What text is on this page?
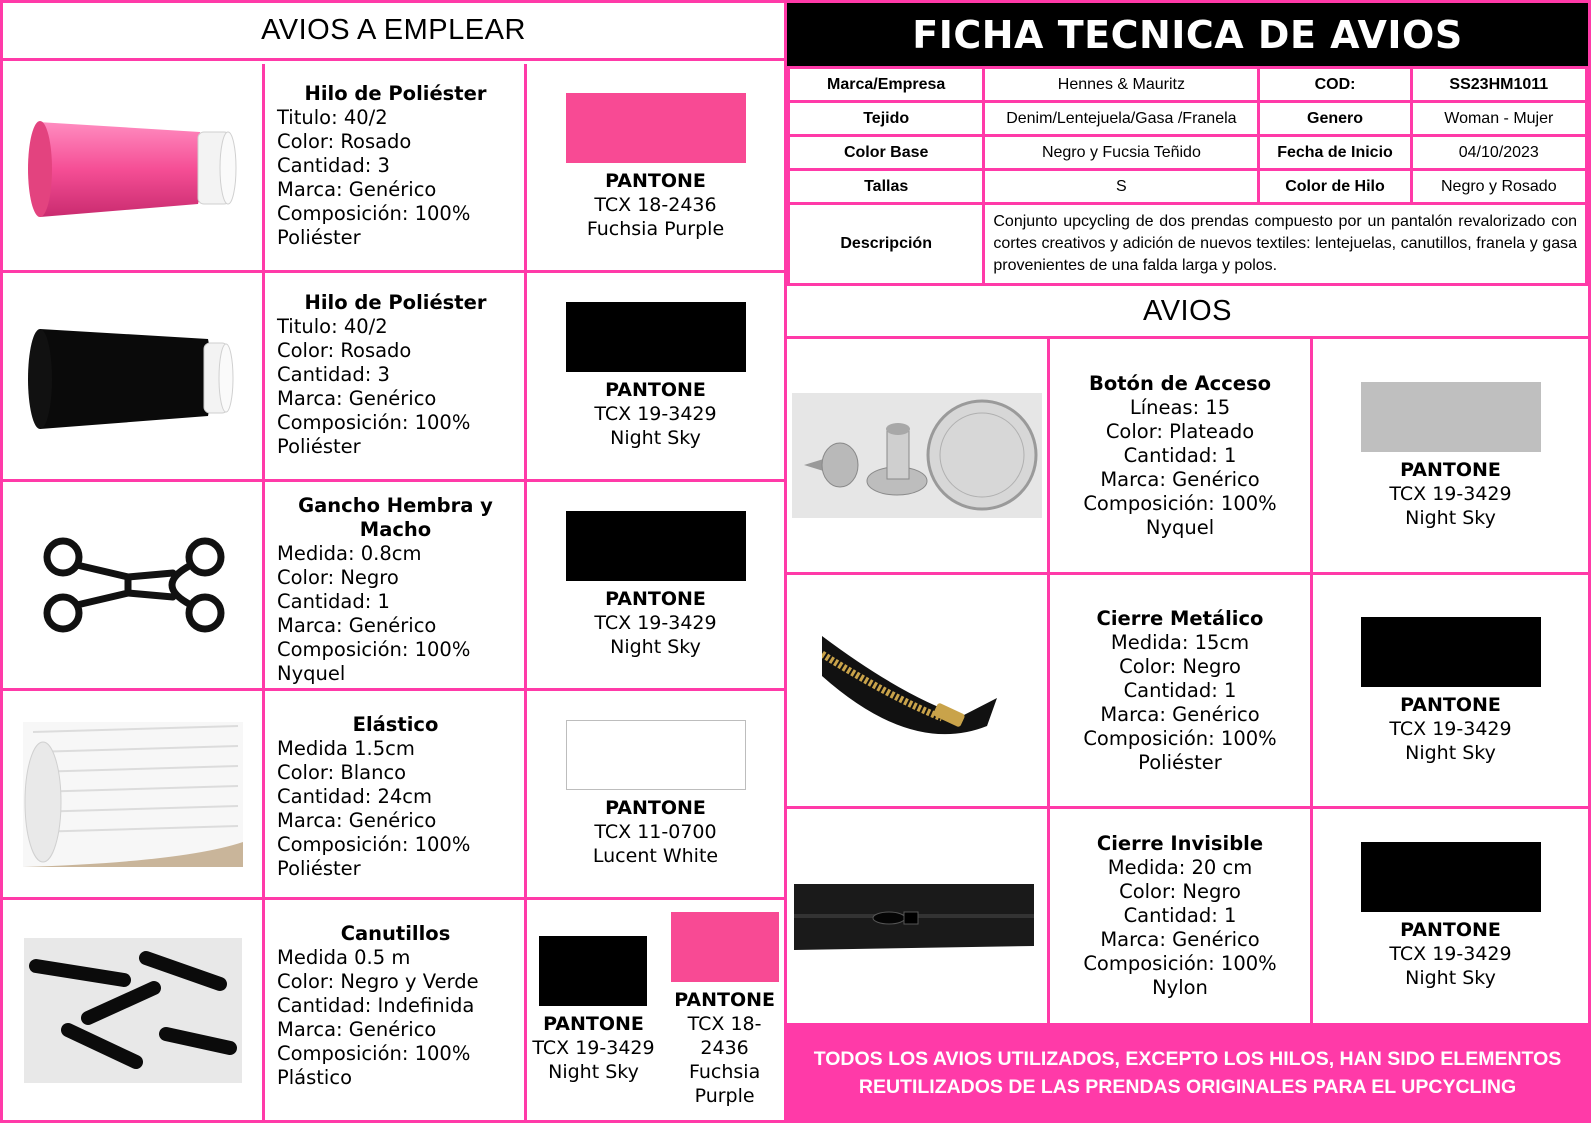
AVIOS A EMPLEAR
Hilo de Poliéster
Titulo: 40/2
Color: Rosado
Cantidad: 3
Marca: Genérico
Composición: 100%
Poliéster
PANTONE
TCX 18-2436
Fuchsia Purple
Hilo de Poliéster
Titulo: 40/2
Color: Rosado
Cantidad: 3
Marca: Genérico
Composición: 100%
Poliéster
PANTONE
TCX 19-3429
Night Sky
Gancho Hembra y Macho
Medida: 0.8cm
Color: Negro
Cantidad: 1
Marca: Genérico
Composición: 100%
Nyquel
PANTONE
TCX 19-3429
Night Sky
Elástico
Medida 1.5cm
Color: Blanco
Cantidad: 24cm
Marca: Genérico
Composición: 100%
Poliéster
PANTONE
TCX 11-0700
Lucent White
Canutillos
Medida 0.5 m
Color: Negro y Verde
Cantidad: Indefinida
Marca: Genérico
Composición: 100%
Plástico
PANTONE
TCX 19-3429
Night Sky
PANTONE
TCX 18-2436
Fuchsia Purple
FICHA TECNICA DE AVIOS
Marca/Empresa	Hennes & Mauritz	COD:	SS23HM1011
Tejido	Denim/Lentejuela/Gasa /Franela	Genero	Woman - Mujer
Color Base	Negro y Fucsia Teñido	Fecha de Inicio	04/10/2023
Tallas	S	Color de Hilo	Negro y Rosado
Descripción	Conjunto upcycling de dos prendas compuesto por un pantalón revalorizado con cortes creativos y adición de nuevos textiles: lentejuelas, canutillos, franela y gasa provenientes de una falda larga y polos.		
AVIOS
Botón de Acceso
Líneas: 15
Color: Plateado
Cantidad: 1
Marca: Genérico
Composición: 100%
Nyquel
PANTONE
TCX 19-3429
Night Sky
Cierre Metálico
Medida: 15cm
Color: Negro
Cantidad: 1
Marca: Genérico
Composición: 100%
Poliéster
PANTONE
TCX 19-3429
Night Sky
Cierre Invisible
Medida: 20 cm
Color: Negro
Cantidad: 1
Marca: Genérico
Composición: 100%
Nylon
PANTONE
TCX 19-3429
Night Sky
TODOS LOS AVIOS UTILIZADOS, EXCEPTO LOS HILOS, HAN SIDO ELEMENTOS REUTILIZADOS DE LAS PRENDAS ORIGINALES PARA EL UPCYCLING
